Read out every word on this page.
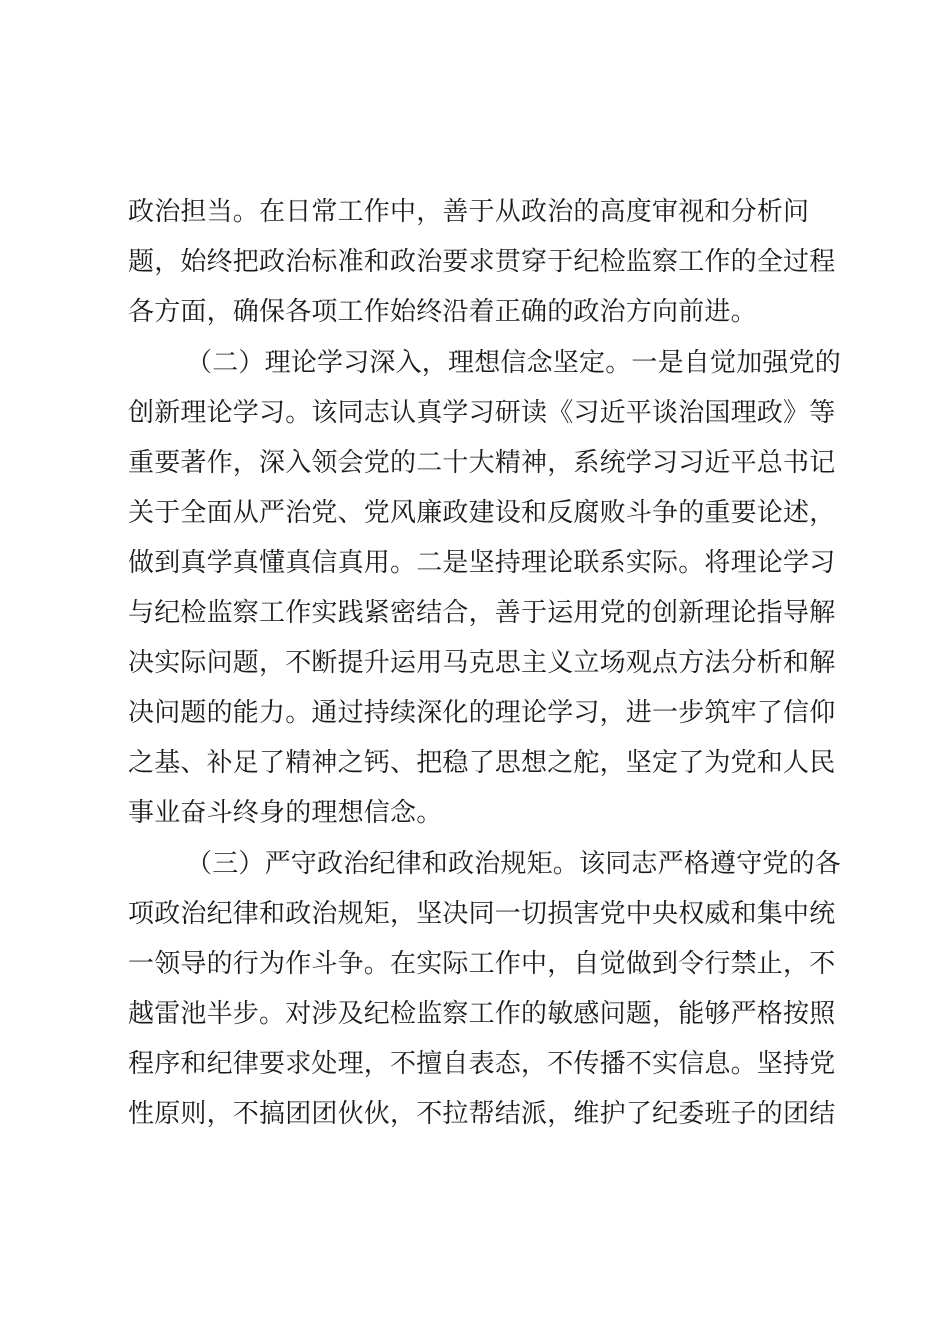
政治担当。在日常工作中，善于从政治的高度审视和分析问
题，始终把政治标准和政治要求贯穿于纪检监察工作的全过程
各方面，确保各项工作始终沿着正确的政治方向前进。
（二）理论学习深入，理想信念坚定。一是自觉加强党的
创新理论学习。该同志认真学习研读《习近平谈治国理政》等
重要著作，深入领会党的二十大精神，系统学习习近平总书记
关于全面从严治党、党风廉政建设和反腐败斗争的重要论述，
做到真学真懂真信真用。二是坚持理论联系实际。将理论学习
与纪检监察工作实践紧密结合，善于运用党的创新理论指导解
决实际问题，不断提升运用马克思主义立场观点方法分析和解
决问题的能力。通过持续深化的理论学习，进一步筑牢了信仰
之基、补足了精神之钙、把稳了思想之舵，坚定了为党和人民
事业奋斗终身的理想信念。
（三）严守政治纪律和政治规矩。该同志严格遵守党的各
项政治纪律和政治规矩，坚决同一切损害党中央权威和集中统
一领导的行为作斗争。在实际工作中，自觉做到令行禁止，不
越雷池半步。对涉及纪检监察工作的敏感问题，能够严格按照
程序和纪律要求处理，不擅自表态，不传播不实信息。坚持党
性原则，不搞团团伙伙，不拉帮结派，维护了纪委班子的团结
